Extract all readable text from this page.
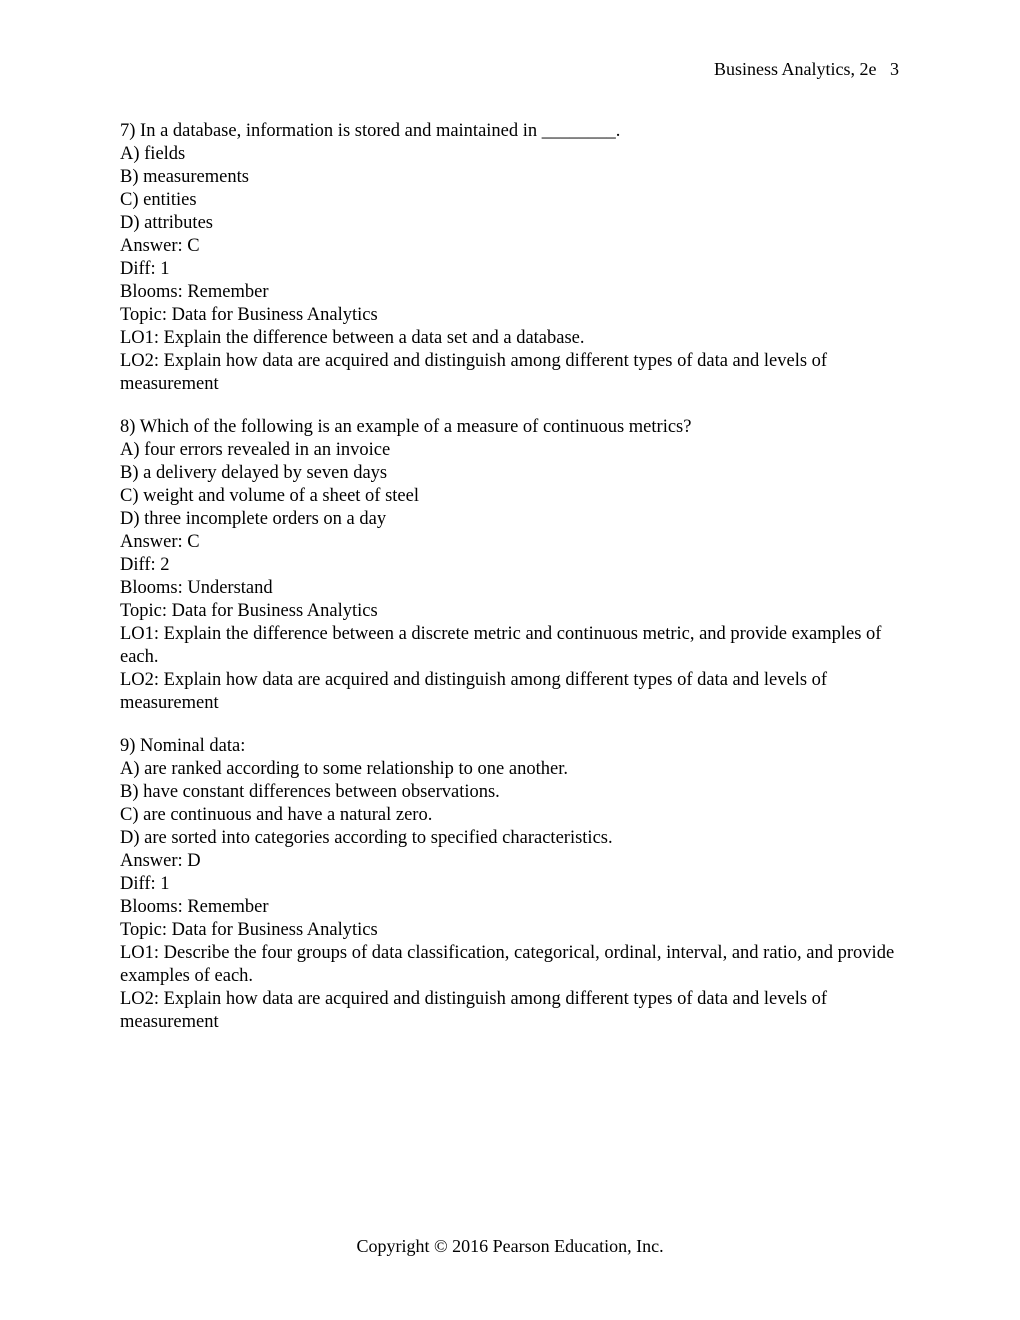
Business Analytics, 2e   3
7) In a database, information is stored and maintained in ________.
A) fields
B) measurements
C) entities
D) attributes
Answer: C
Diff: 1
Blooms: Remember
Topic: Data for Business Analytics
LO1: Explain the difference between a data set and a database.
LO2: Explain how data are acquired and distinguish among different types of data and levels of measurement
8) Which of the following is an example of a measure of continuous metrics?
A) four errors revealed in an invoice
B) a delivery delayed by seven days
C) weight and volume of a sheet of steel
D) three incomplete orders on a day
Answer: C
Diff: 2
Blooms: Understand
Topic: Data for Business Analytics
LO1: Explain the difference between a discrete metric and continuous metric, and provide examples of each.
LO2: Explain how data are acquired and distinguish among different types of data and levels of measurement
9) Nominal data:
A) are ranked according to some relationship to one another.
B) have constant differences between observations.
C) are continuous and have a natural zero.
D) are sorted into categories according to specified characteristics.
Answer: D
Diff: 1
Blooms: Remember
Topic: Data for Business Analytics
LO1: Describe the four groups of data classification, categorical, ordinal, interval, and ratio, and provide examples of each.
LO2: Explain how data are acquired and distinguish among different types of data and levels of measurement
Copyright © 2016 Pearson Education, Inc.
